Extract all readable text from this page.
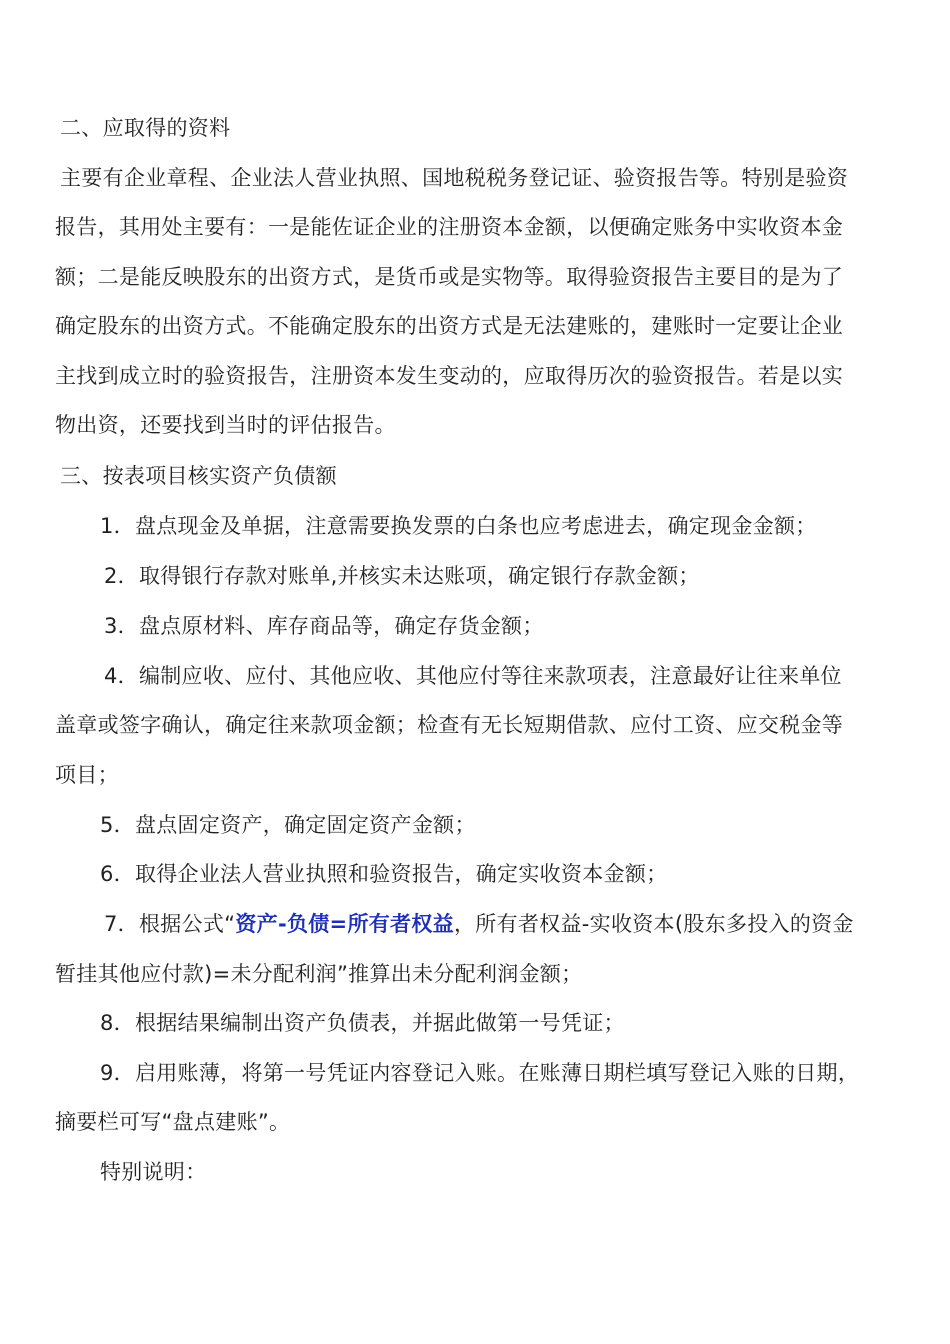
二、应取得的资料
主要有企业章程、企业法人营业执照、国地税税务登记证、验资报告等。特别是验资
报告，其用处主要有：一是能佐证企业的注册资本金额，以便确定账务中实收资本金
额；二是能反映股东的出资方式，是货币或是实物等。取得验资报告主要目的是为了
确定股东的出资方式。不能确定股东的出资方式是无法建账的，建账时一定要让企业
主找到成立时的验资报告，注册资本发生变动的，应取得历次的验资报告。若是以实
物出资，还要找到当时的评估报告。
三、按表项目核实资产负债额
1．盘点现金及单据，注意需要换发票的白条也应考虑进去，确定现金金额；
2．取得银行存款对账单,并核实未达账项，确定银行存款金额；
3．盘点原材料、库存商品等，确定存货金额；
4．编制应收、应付、其他应收、其他应付等往来款项表，注意最好让往来单位
盖章或签字确认，确定往来款项金额；检查有无长短期借款、应付工资、应交税金等
项目；
5．盘点固定资产，确定固定资产金额；
6．取得企业法人营业执照和验资报告，确定实收资本金额；
7．根据公式“资产-负债=所有者权益，所有者权益-实收资本(股东多投入的资金
暂挂其他应付款)=未分配利润”推算出未分配利润金额；
8．根据结果编制出资产负债表，并据此做第一号凭证；
9．启用账薄，将第一号凭证内容登记入账。在账薄日期栏填写登记入账的日期，
摘要栏可写“盘点建账”。
特别说明：
